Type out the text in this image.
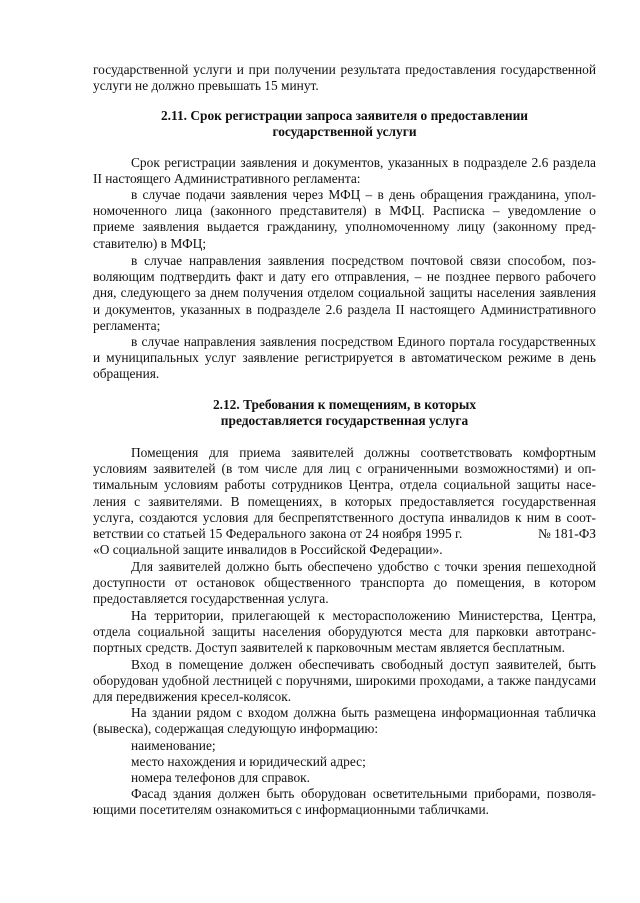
государственной услуги и при получении результата предоставления государственной услуги не должно превышать 15 минут.

2.11. Срок регистрации запроса заявителя о предоставлении
государственной услуги

Срок регистрации заявления и документов, указанных в подразделе 2.6 раздела II настоящего Административного регламента:

в случае подачи заявления через МФЦ – в день обращения гражданина, уполномоченного лица (законного представителя) в МФЦ. Расписка – уведомление о приеме заявления выдается гражданину, уполномоченному лицу (законному представителю) в МФЦ;

в случае направления заявления посредством почтовой связи способом, позволяющим подтвердить факт и дату его отправления, – не позднее первого рабочего дня, следующего за днем получения отделом социальной защиты населения заявления и документов, указанных в подразделе 2.6 раздела II настоящего Административного регламента;

в случае направления заявления посредством Единого портала государственных и муниципальных услуг заявление регистрируется в автоматическом режиме в день обращения.

2.12. Требования к помещениям, в которых
предоставляется государственная услуга
Помещения для приема заявителей должны соответствовать комфортным условиям заявителей (в том числе для лиц с ограниченными возможностями) и оптимальным условиям работы сотрудников Центра, отдела социальной защиты населения с заявителями. В помещениях, в которых предоставляется государственная услуга, создаются условия для беспрепятственного доступа инвалидов к ним в соответствии со статьей 15 Федерального закона от 24 ноября 1995 г.	№ 181-ФЗ
«О социальной защите инвалидов в Российской Федерации».

Для заявителей должно быть обеспечено удобство с точки зрения пешеходной доступности от остановок общественного транспорта до помещения, в котором предоставляется государственная услуга.

На территории, прилегающей к месторасположению Министерства, Центра, отдела социальной защиты населения оборудуются места для парковки автотранспортных средств. Доступ заявителей к парковочным местам является бесплатным.

Вход в помещение должен обеспечивать свободный доступ заявителей, быть оборудован удобной лестницей с поручнями, широкими проходами, а также пандусами для передвижения кресел-колясок.

На здании рядом с входом должна быть размещена информационная табличка (вывеска), содержащая следующую информацию:

наименование;
место нахождения и юридический адрес;
номера телефонов для справок.

Фасад здания должен быть оборудован осветительными приборами, позволяющими посетителям ознакомиться с информационными табличками.
